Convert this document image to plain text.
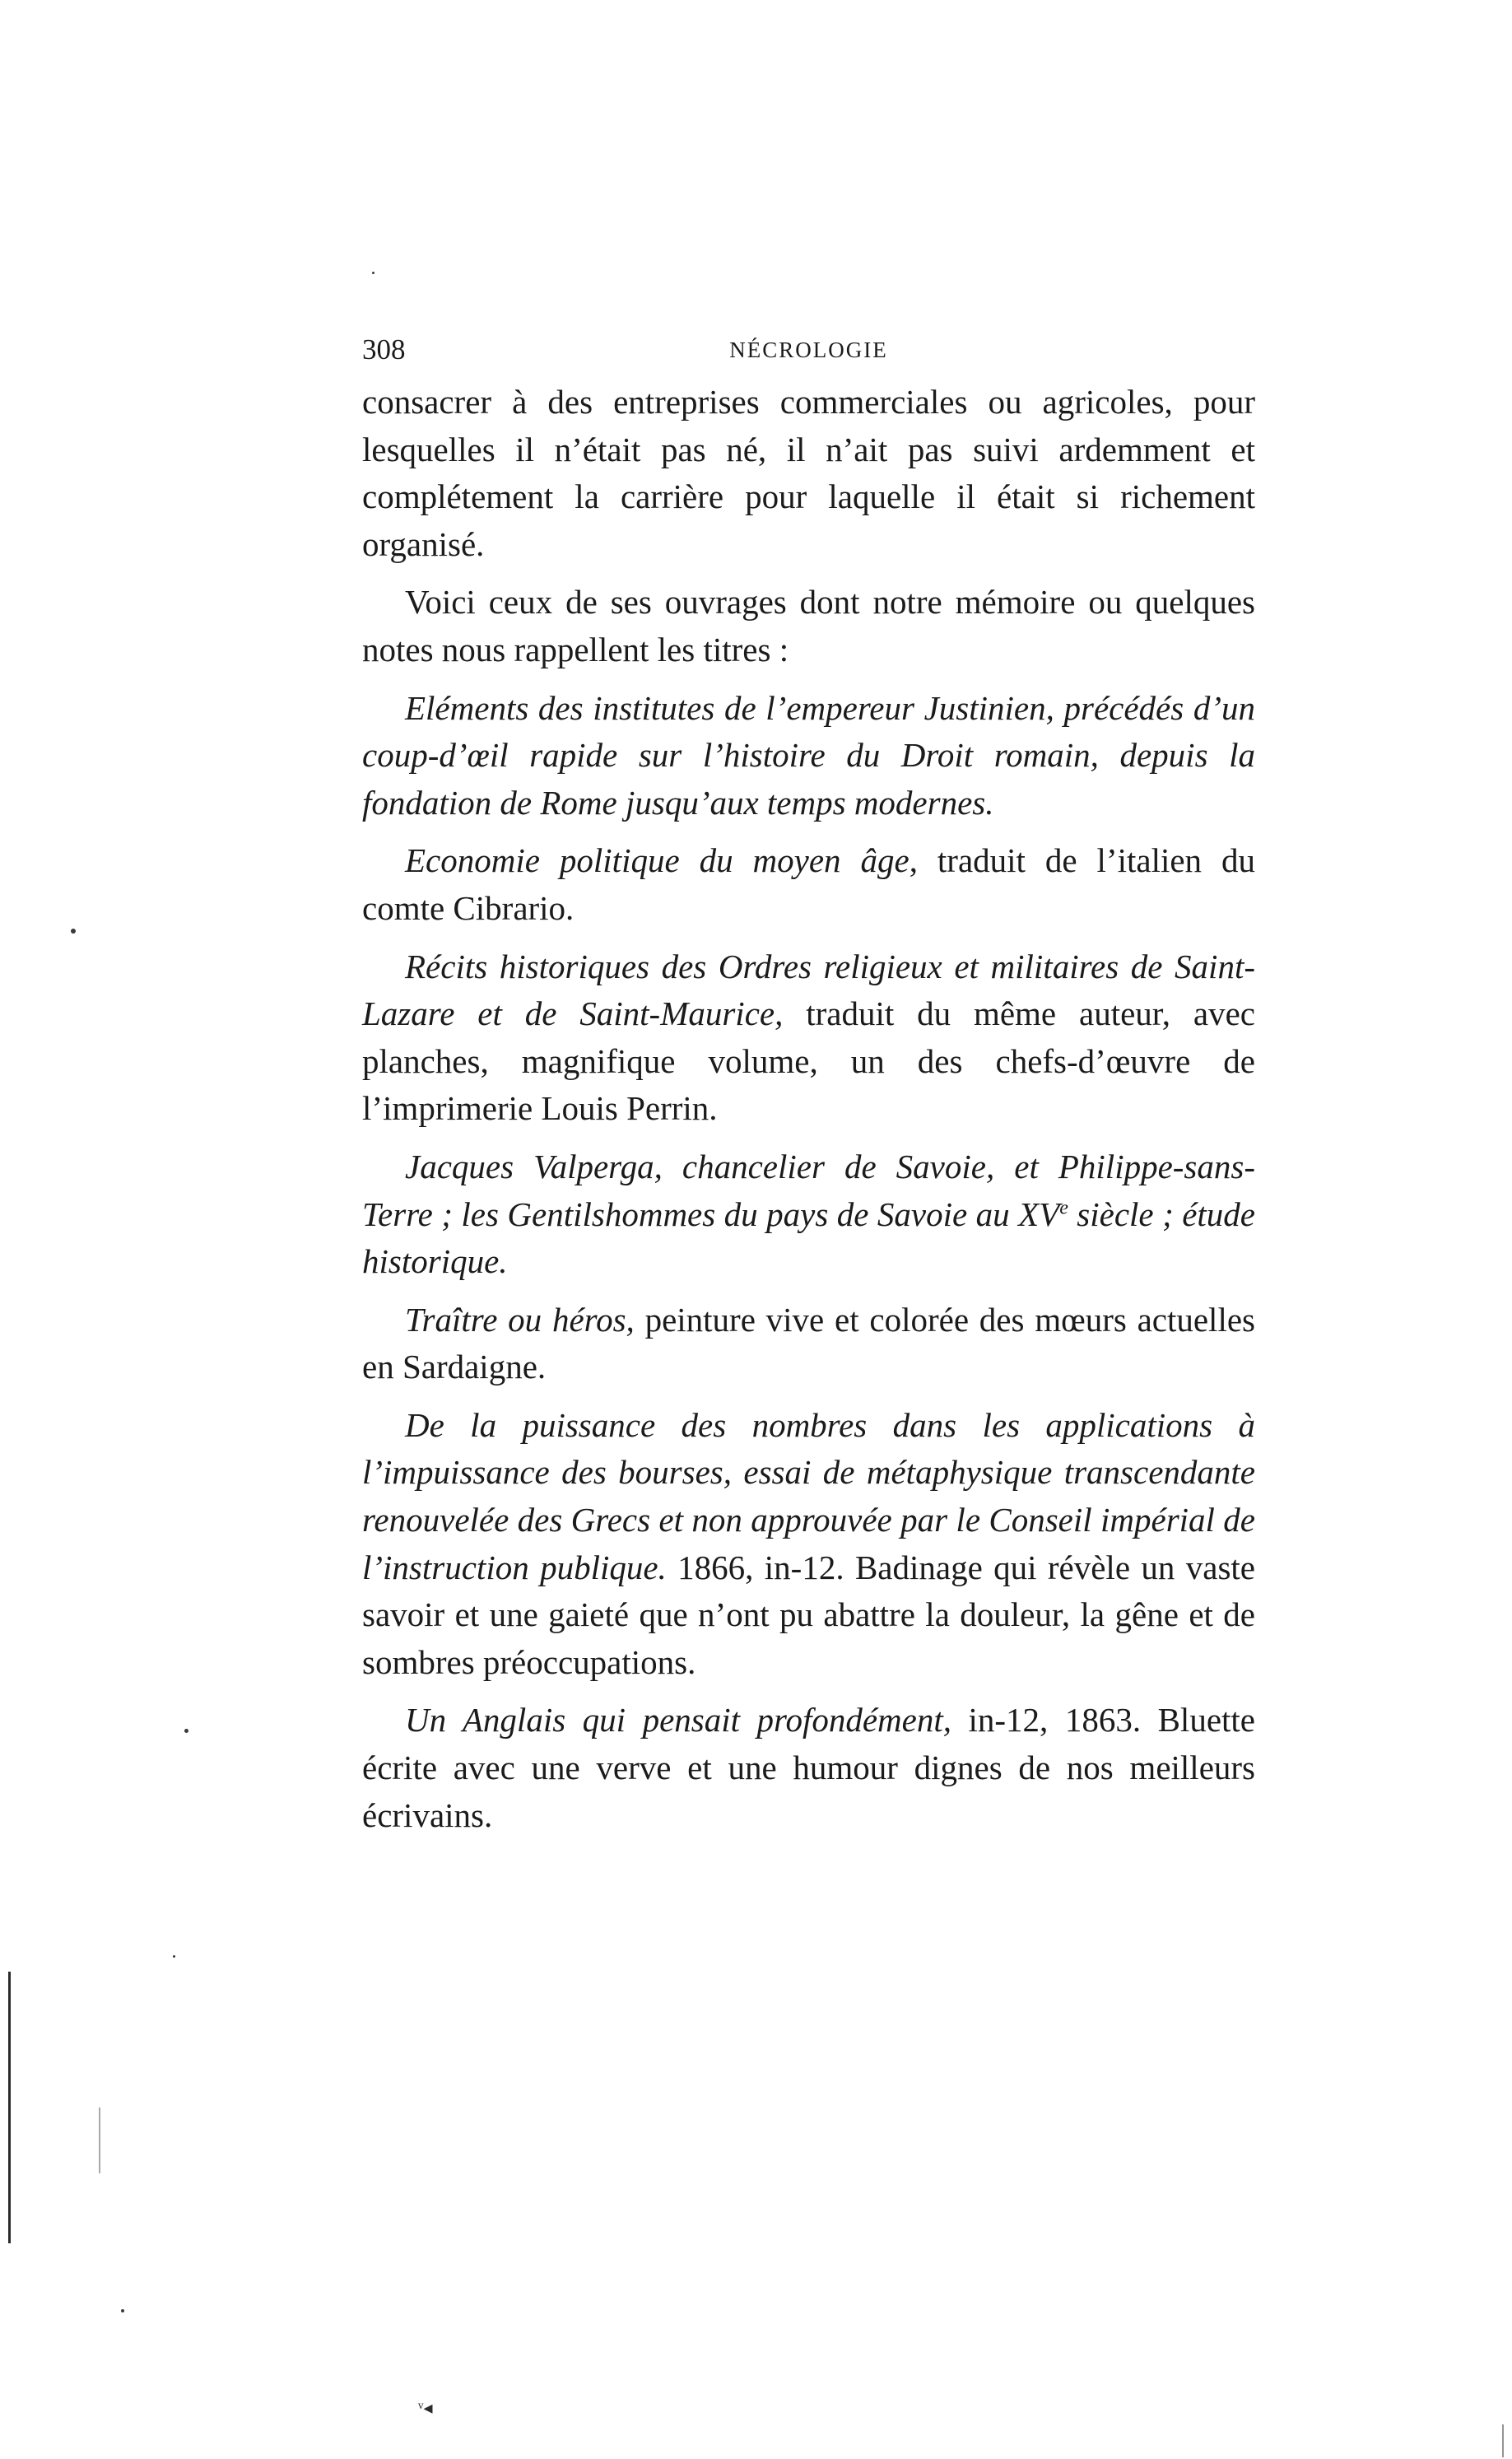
308	NÉCROLOGIE

consacrer à des entreprises commerciales ou agricoles, pour lesquelles il n’était pas né, il n’ait pas suivi ardemment et complétement la carrière pour laquelle il était si richement organisé.

Voici ceux de ses ouvrages dont notre mémoire ou quelques notes nous rappellent les titres :

Eléments des institutes de l’empereur Justinien, précédés d’un coup-d’œil rapide sur l’histoire du Droit romain, depuis la fondation de Rome jusqu’aux temps modernes.

Economie politique du moyen âge, traduit de l’italien du comte Cibrario.

Récits historiques des Ordres religieux et militaires de Saint-Lazare et de Saint-Maurice, traduit du même auteur, avec planches, magnifique volume, un des chefs-d’œuvre de l’imprimerie Louis Perrin.

Jacques Valperga, chancelier de Savoie, et Philippe-sans-Terre ; les Gentilshommes du pays de Savoie au XVe siècle ; étude historique.

Traître ou héros, peinture vive et colorée des mœurs actuelles en Sardaigne.

De la puissance des nombres dans les applications à l’impuissance des bourses, essai de métaphysique transcendante renouvelée des Grecs et non approuvée par le Conseil impérial de l’instruction publique. 1866, in-12. Badinage qui révèle un vaste savoir et une gaieté que n’ont pu abattre la douleur, la gêne et de sombres préoccupations.

Un Anglais qui pensait profondément, in-12, 1863. Bluette écrite avec une verve et une humour dignes de nos meilleurs écrivains.

ᵛ◂
